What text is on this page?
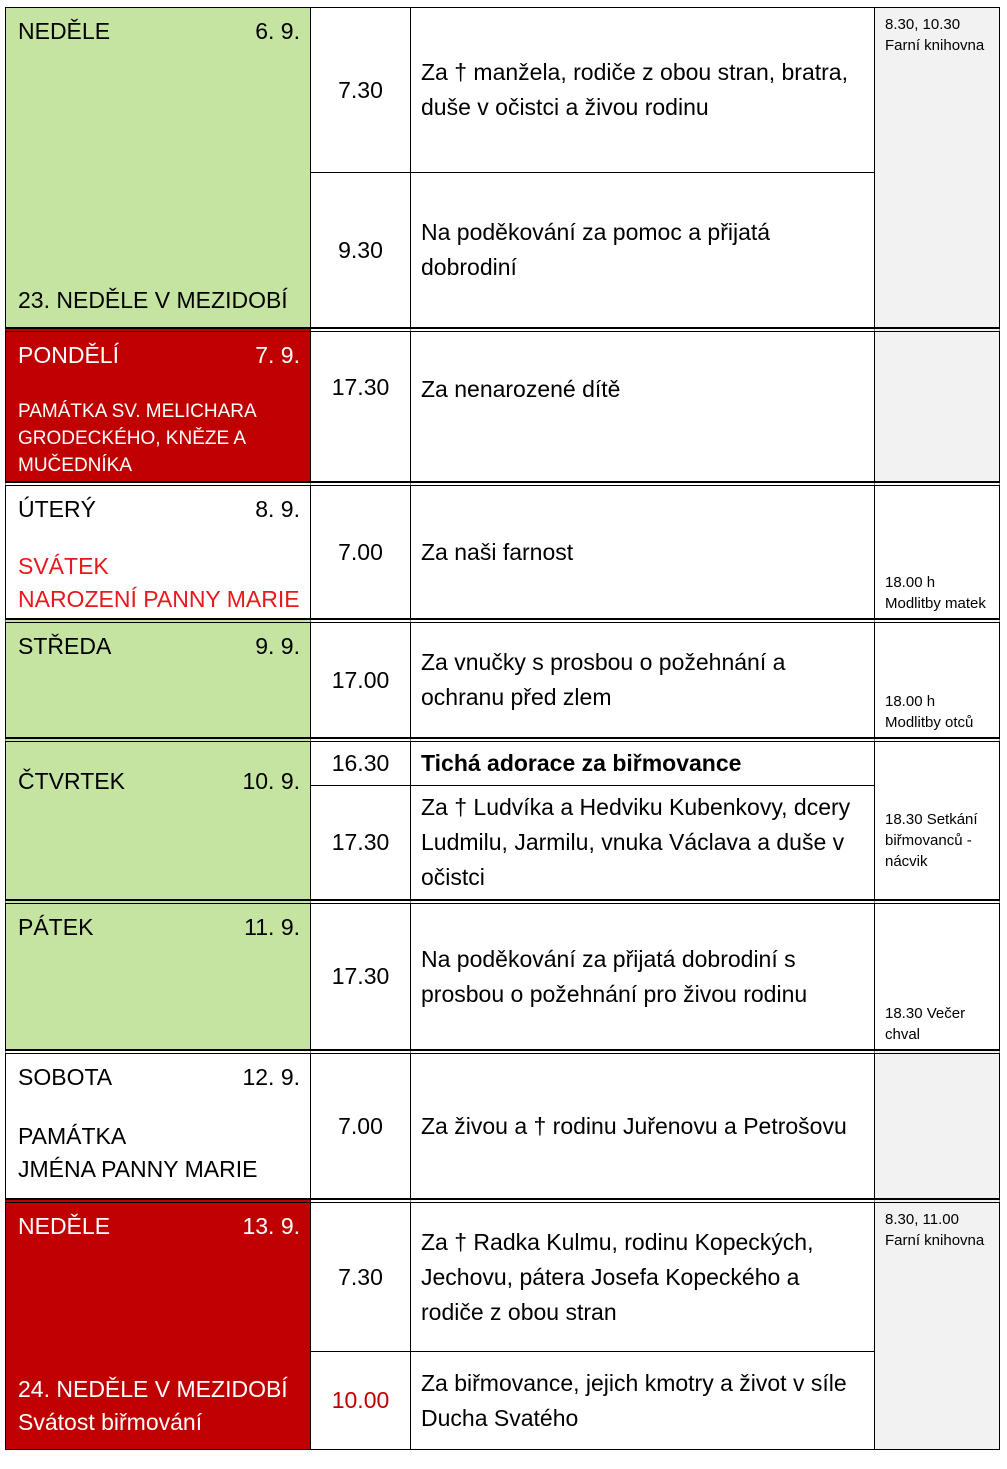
NEDĚLE 6. 9.
23. NEDĚLE V MEZIDOBÍ	7.30	Za † manžela, rodiče z obou stran, bratra, duše v očistci a živou rodinu	8.30, 10.30 Farní knihovna
	9.30	Na poděkování za pomoc a přijatá dobrodiní	

PONDĚLÍ 7. 9.
PAMÁTKA SV. MELICHARA GRODECKÉHO, KNĚZE A MUČEDNÍKA	17.30	Za nenarozené dítě	

ÚTERÝ 8. 9.
SVÁTEK
NAROZENÍ PANNY MARIE	7.00	Za naši farnost	18.00 h Modlitby matek

STŘEDA 9. 9.	17.00	Za vnučky s prosbou o požehnání a ochranu před zlem	18.00 h Modlitby otců

ČTVRTEK 10. 9.	16.30	Tichá adorace za biřmovance	18.30 Setkání biřmovanců - nácvik
	17.30	Za † Ludvíka a Hedviku Kubenkovy, dcery Ludmilu, Jarmilu, vnuka Václava a duše v očistci	

PÁTEK 11. 9.	17.30	Na poděkování za přijatá dobrodiní s prosbou o požehnání pro živou rodinu	18.30 Večer chval

SOBOTA 12. 9.
PAMÁTKA
JMÉNA PANNY MARIE	7.00	Za živou a † rodinu Juřenovu a Petrošovu	

NEDĚLE 13. 9.
24. NEDĚLE V MEZIDOBÍ
Svátost biřmování	7.30	Za † Radka Kulmu, rodinu Kopeckých, Jechovu, pátera Josefa Kopeckého a rodiče z obou stran	8.30, 11.00 Farní knihovna
	10.00	Za biřmovance, jejich kmotry a život v síle Ducha Svatého	
